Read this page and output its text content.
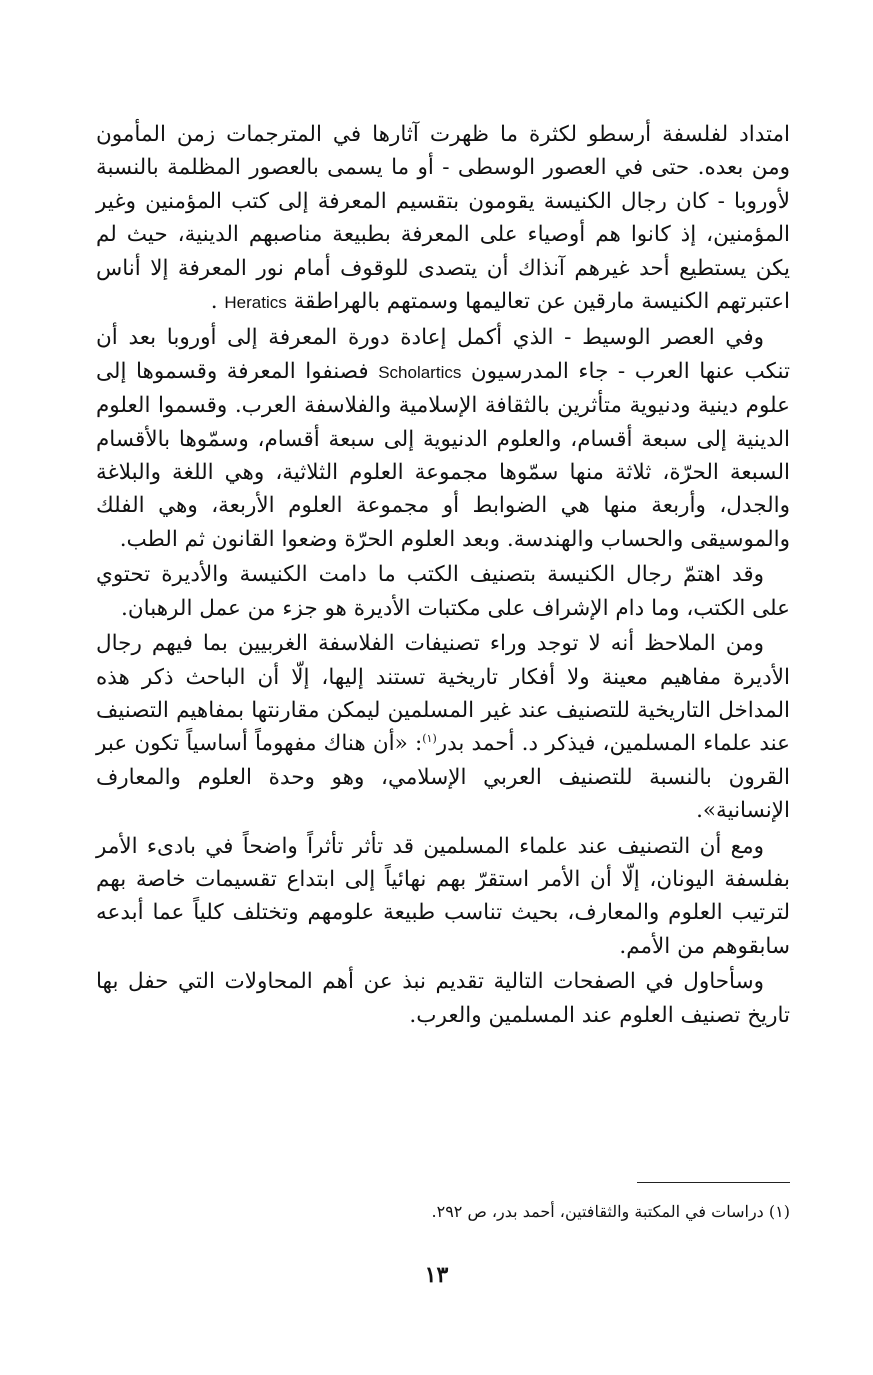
امتداد لفلسفة أرسطو لكثرة ما ظهرت آثارها في المترجمات زمن المأمون ومن بعده. حتى في العصور الوسطى - أو ما يسمى بالعصور المظلمة بالنسبة لأوروبا - كان رجال الكنيسة يقومون بتقسيم المعرفة إلى كتب المؤمنين وغير المؤمنين، إذ كانوا هم أوصياء على المعرفة بطبيعة مناصبهم الدينية، حيث لم يكن يستطيع أحد غيرهم آنذاك أن يتصدى للوقوف أمام نور المعرفة إلا أناس اعتبرتهم الكنيسة مارقين عن تعاليمها وسمتهم بالهراطقة Heratics .

وفي العصر الوسيط - الذي أكمل إعادة دورة المعرفة إلى أوروبا بعد أن تنكب عنها العرب - جاء المدرسيون Scholartics فصنفوا المعرفة وقسموها إلى علوم دينية ودنيوية متأثرين بالثقافة الإسلامية والفلاسفة العرب. وقسموا العلوم الدينية إلى سبعة أقسام، والعلوم الدنيوية إلى سبعة أقسام، وسمّوها بالأقسام السبعة الحرّة، ثلاثة منها سمّوها مجموعة العلوم الثلاثية، وهي اللغة والبلاغة والجدل، وأربعة منها هي الضوابط أو مجموعة العلوم الأربعة، وهي الفلك والموسيقى والحساب والهندسة. وبعد العلوم الحرّة وضعوا القانون ثم الطب.

وقد اهتمّ رجال الكنيسة بتصنيف الكتب ما دامت الكنيسة والأديرة تحتوي على الكتب، وما دام الإشراف على مكتبات الأديرة هو جزء من عمل الرهبان.

ومن الملاحظ أنه لا توجد وراء تصنيفات الفلاسفة الغربيين بما فيهم رجال الأديرة مفاهيم معينة ولا أفكار تاريخية تستند إليها، إلّا أن الباحث ذكر هذه المداخل التاريخية للتصنيف عند غير المسلمين ليمكن مقارنتها بمفاهيم التصنيف عند علماء المسلمين، فيذكر د. أحمد بدر$^{(١)}$: «أن هناك مفهوماً أساسياً تكون عبر القرون بالنسبة للتصنيف العربي الإسلامي، وهو وحدة العلوم والمعارف الإنسانية».

ومع أن التصنيف عند علماء المسلمين قد تأثر تأثراً واضحاً في بادىء الأمر بفلسفة اليونان، إلّا أن الأمر استقرّ بهم نهائياً إلى ابتداع تقسيمات خاصة بهم لترتيب العلوم والمعارف، بحيث تناسب طبيعة علومهم وتختلف كلياً عما أبدعه سابقوهم من الأمم.

وسأحاول في الصفحات التالية تقديم نبذ عن أهم المحاولات التي حفل بها تاريخ تصنيف العلوم عند المسلمين والعرب.

(١) دراسات في المكتبة والثقافتين، أحمد بدر، ص ٢٩٢.
١٣
